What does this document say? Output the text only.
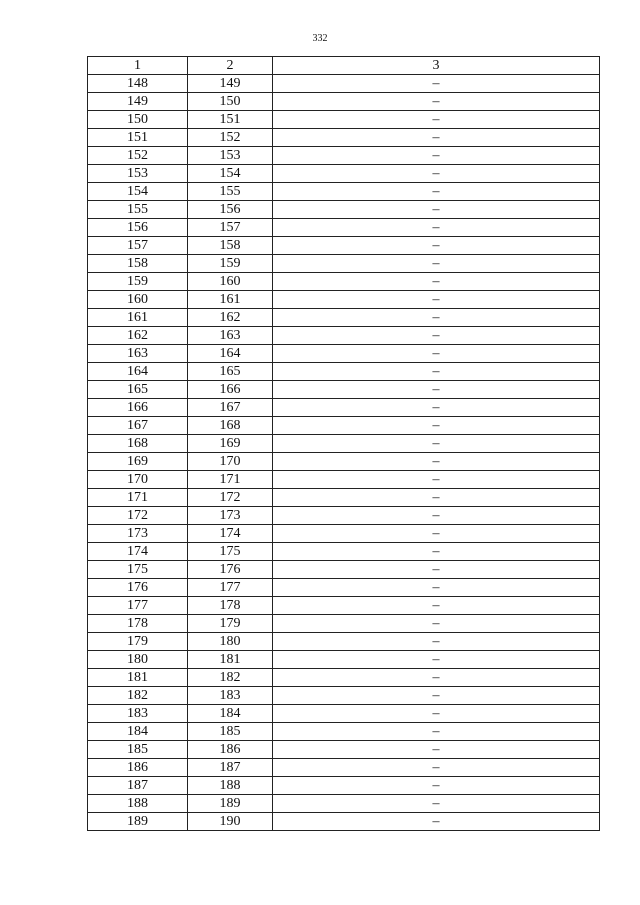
332
1	2	3
148	149	–
149	150	–
150	151	–
151	152	–
152	153	–
153	154	–
154	155	–
155	156	–
156	157	–
157	158	–
158	159	–
159	160	–
160	161	–
161	162	–
162	163	–
163	164	–
164	165	–
165	166	–
166	167	–
167	168	–
168	169	–
169	170	–
170	171	–
171	172	–
172	173	–
173	174	–
174	175	–
175	176	–
176	177	–
177	178	–
178	179	–
179	180	–
180	181	–
181	182	–
182	183	–
183	184	–
184	185	–
185	186	–
186	187	–
187	188	–
188	189	–
189	190	–
